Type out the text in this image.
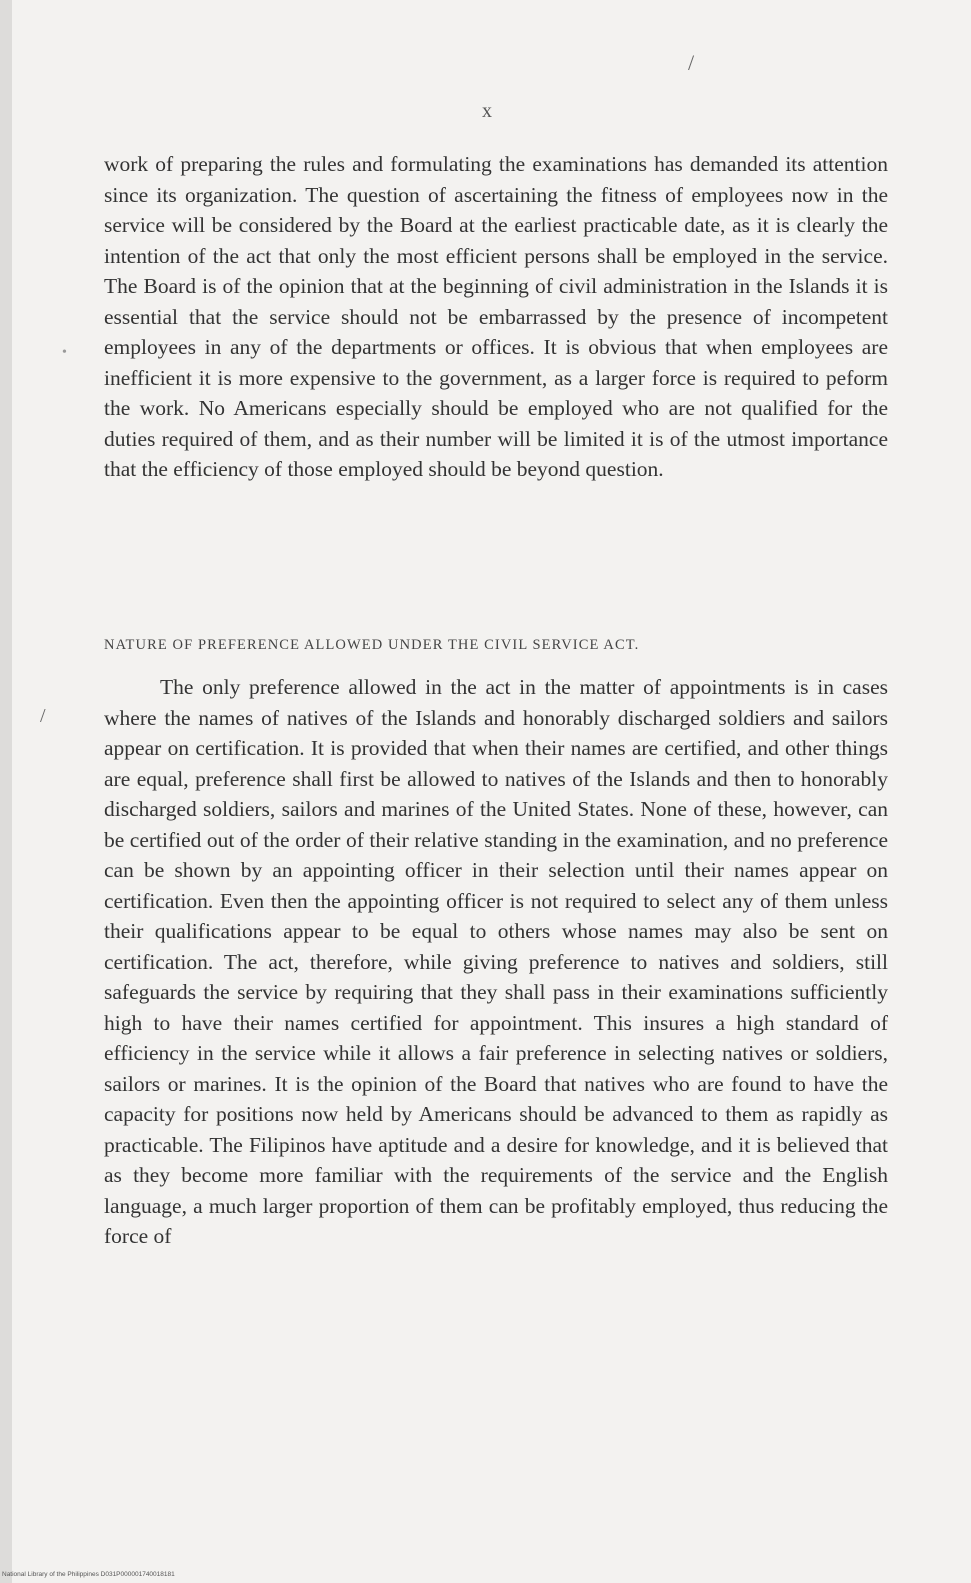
/
/
•
x

work of preparing the rules and formulating the examinations has demanded its attention since its organization. The question of ascertaining the fitness of employees now in the service will be considered by the Board at the earliest practicable date, as it is clearly the intention of the act that only the most efficient persons shall be employed in the service. The Board is of the opinion that at the beginning of civil administration in the Islands it is essential that the service should not be embarrassed by the presence of incompetent employees in any of the departments or offices. It is obvious that when employees are inefficient it is more expensive to the government, as a larger force is required to peform the work. No Americans especially should be employed who are not qualified for the duties required of them, and as their number will be limited it is of the utmost importance that the efficiency of those employed should be beyond question.

NATURE OF PREFERENCE ALLOWED UNDER THE CIVIL SERVICE ACT.

The only preference allowed in the act in the matter of appointments is in cases where the names of natives of the Islands and honorably discharged soldiers and sailors appear on certification. It is provided that when their names are certified, and other things are equal, preference shall first be allowed to natives of the Islands and then to honorably discharged soldiers, sailors and marines of the United States. None of these, however, can be certified out of the order of their relative standing in the examination, and no preference can be shown by an appointing officer in their selection until their names appear on certification. Even then the appointing officer is not required to select any of them unless their qualifications appear to be equal to others whose names may also be sent on certification. The act, therefore, while giving preference to natives and soldiers, still safeguards the service by requiring that they shall pass in their examinations sufficiently high to have their names certified for appointment. This insures a high standard of efficiency in the service while it allows a fair preference in selecting natives or soldiers, sailors or marines. It is the opinion of the Board that natives who are found to have the capacity for positions now held by Americans should be advanced to them as rapidly as practicable. The Filipinos have aptitude and a desire for knowledge, and it is believed that as they become more familiar with the requirements of the service and the English language, a much larger proportion of them can be profitably employed, thus reducing the force of

National Library of the Philippines D031P000001740018181
